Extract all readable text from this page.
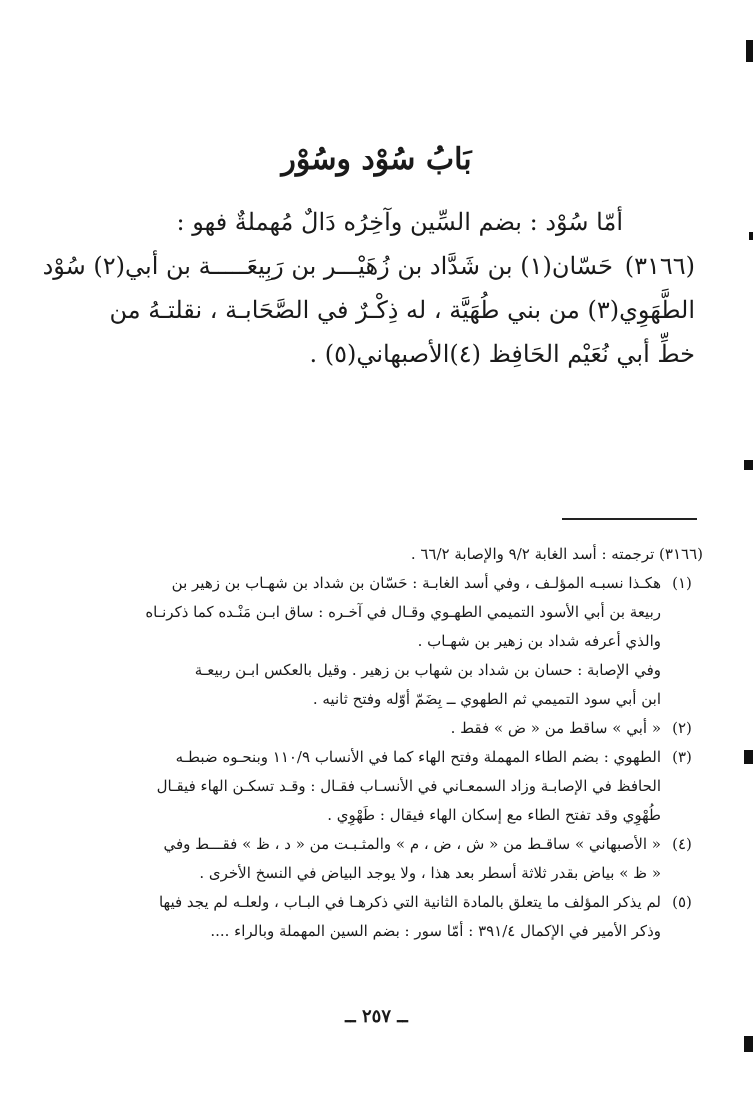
بَابُ سُوْد وسُوْر
أمّا سُوْد : بضم السِّين وآخِرُه دَالٌ مُهملةٌ فهو :
(٣١٦٦)حَسّان(١) بن شَدَّاد بن زُهَيْـــر بن رَبِيعَـــــة بن أبي(٢) سُوْد
الطَّهَوِي(٣) من بني طُهَيَّة ، له ذِكْـرٌ في الصَّحَابـة ، نقلتـهُ من
خطِّ أبي نُعَيْم الحَافِظ (٤)الأصبهاني(٥) .
(٣١٦٦) ترجمته : أسد الغابة ٩/٢ والإصابة ٦٦/٢ .
(١)
هكـذا نسبـه المؤلـف ، وفي أسد الغابـة : حَسّان بن شداد بن شهـاب بن زهير بن
ربيعة بن أبي الأسود التميمي الطهـوي وقـال في آخـره : ساق ابـن مَنْـده كما ذكرنـاه
والذي أعرفه شداد بن زهير بن شهـاب .
وفي الإصابة : حسان بن شداد بن شهاب بن زهير . وقيل بالعكس ابـن ربيعـة
ابن أبي سود التميمي ثم الطهوي ــ بِضَمّ أوّله وفتح ثانيه .
(٢)
« أبي » ساقط من « ض » فقط .
(٣)
الطهوي : بضم الطاء المهملة وفتح الهاء كما في الأنساب ١١٠/٩ وبنحـوه ضبطـه
الحافظ في الإصابـة وزاد السمعـاني في الأنسـاب فقـال : وقـد تسكـن الهاء فيقـال
طُهْوِي وقد تفتح الطاء مع إسكان الهاء فيقال : طَهْوِي .
(٤)
« الأصبهاني » ساقـط من « ش ، ض ، م » والمثـبـت من « د ، ظ » فقـــط وفي
« ظ » بياض بقدر ثلاثة أسطر بعد هذا ، ولا يوجد البياض في النسخ الأخرى .
(٥)
لم يذكر المؤلف ما يتعلق بالمادة الثانية التي ذكرهـا في البـاب ، ولعلـه لم يجد فيها
وذكر الأمير في الإكمال ٣٩١/٤ : أمّا سور : بضم السين المهملة وبالراء ....
ــ ٢٥٧ ــ
